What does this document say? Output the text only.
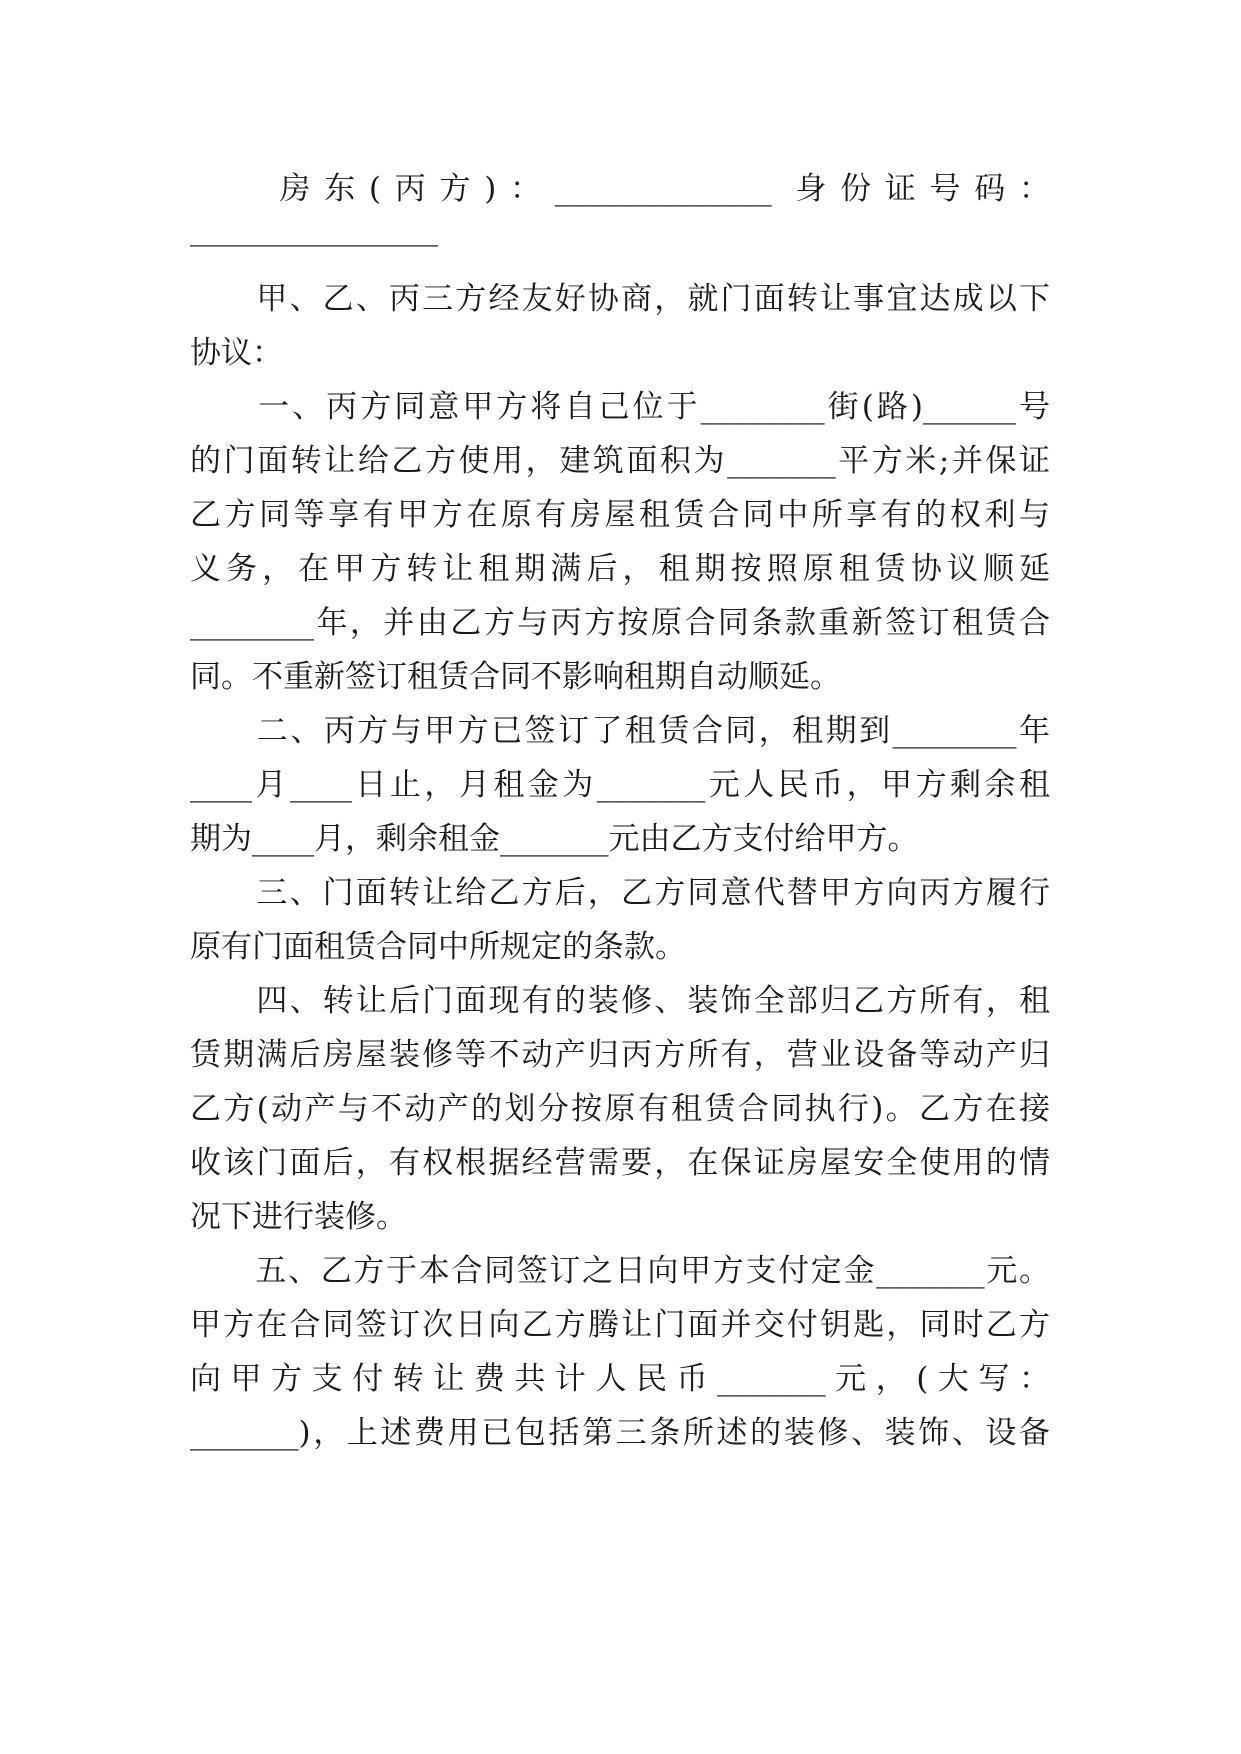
　　房东(丙方)：______________ 身份证号码：
________________
　　甲、乙、丙三方经友好协商，就门面转让事宜达成以下
协议：
　　一、丙方同意甲方将自己位于________街(路)______号
的门面转让给乙方使用，建筑面积为_______平方米;并保证
乙方同等享有甲方在原有房屋租赁合同中所享有的权利与
义务，在甲方转让租期满后，租期按照原租赁协议顺延
________年，并由乙方与丙方按原合同条款重新签订租赁合
同。不重新签订租赁合同不影响租期自动顺延。
　　二、丙方与甲方已签订了租赁合同，租期到________年
____月____日止，月租金为_______元人民币，甲方剩余租
期为____月，剩余租金_______元由乙方支付给甲方。
　　三、门面转让给乙方后，乙方同意代替甲方向丙方履行
原有门面租赁合同中所规定的条款。
　　四、转让后门面现有的装修、装饰全部归乙方所有，租
赁期满后房屋装修等不动产归丙方所有，营业设备等动产归
乙方(动产与不动产的划分按原有租赁合同执行)。乙方在接
收该门面后，有权根据经营需要，在保证房屋安全使用的情
况下进行装修。
　　五、乙方于本合同签订之日向甲方支付定金_______元。
甲方在合同签订次日向乙方腾让门面并交付钥匙，同时乙方
向甲方支付转让费共计人民币_______元，(大写：
_______)，上述费用已包括第三条所述的装修、装饰、设备
